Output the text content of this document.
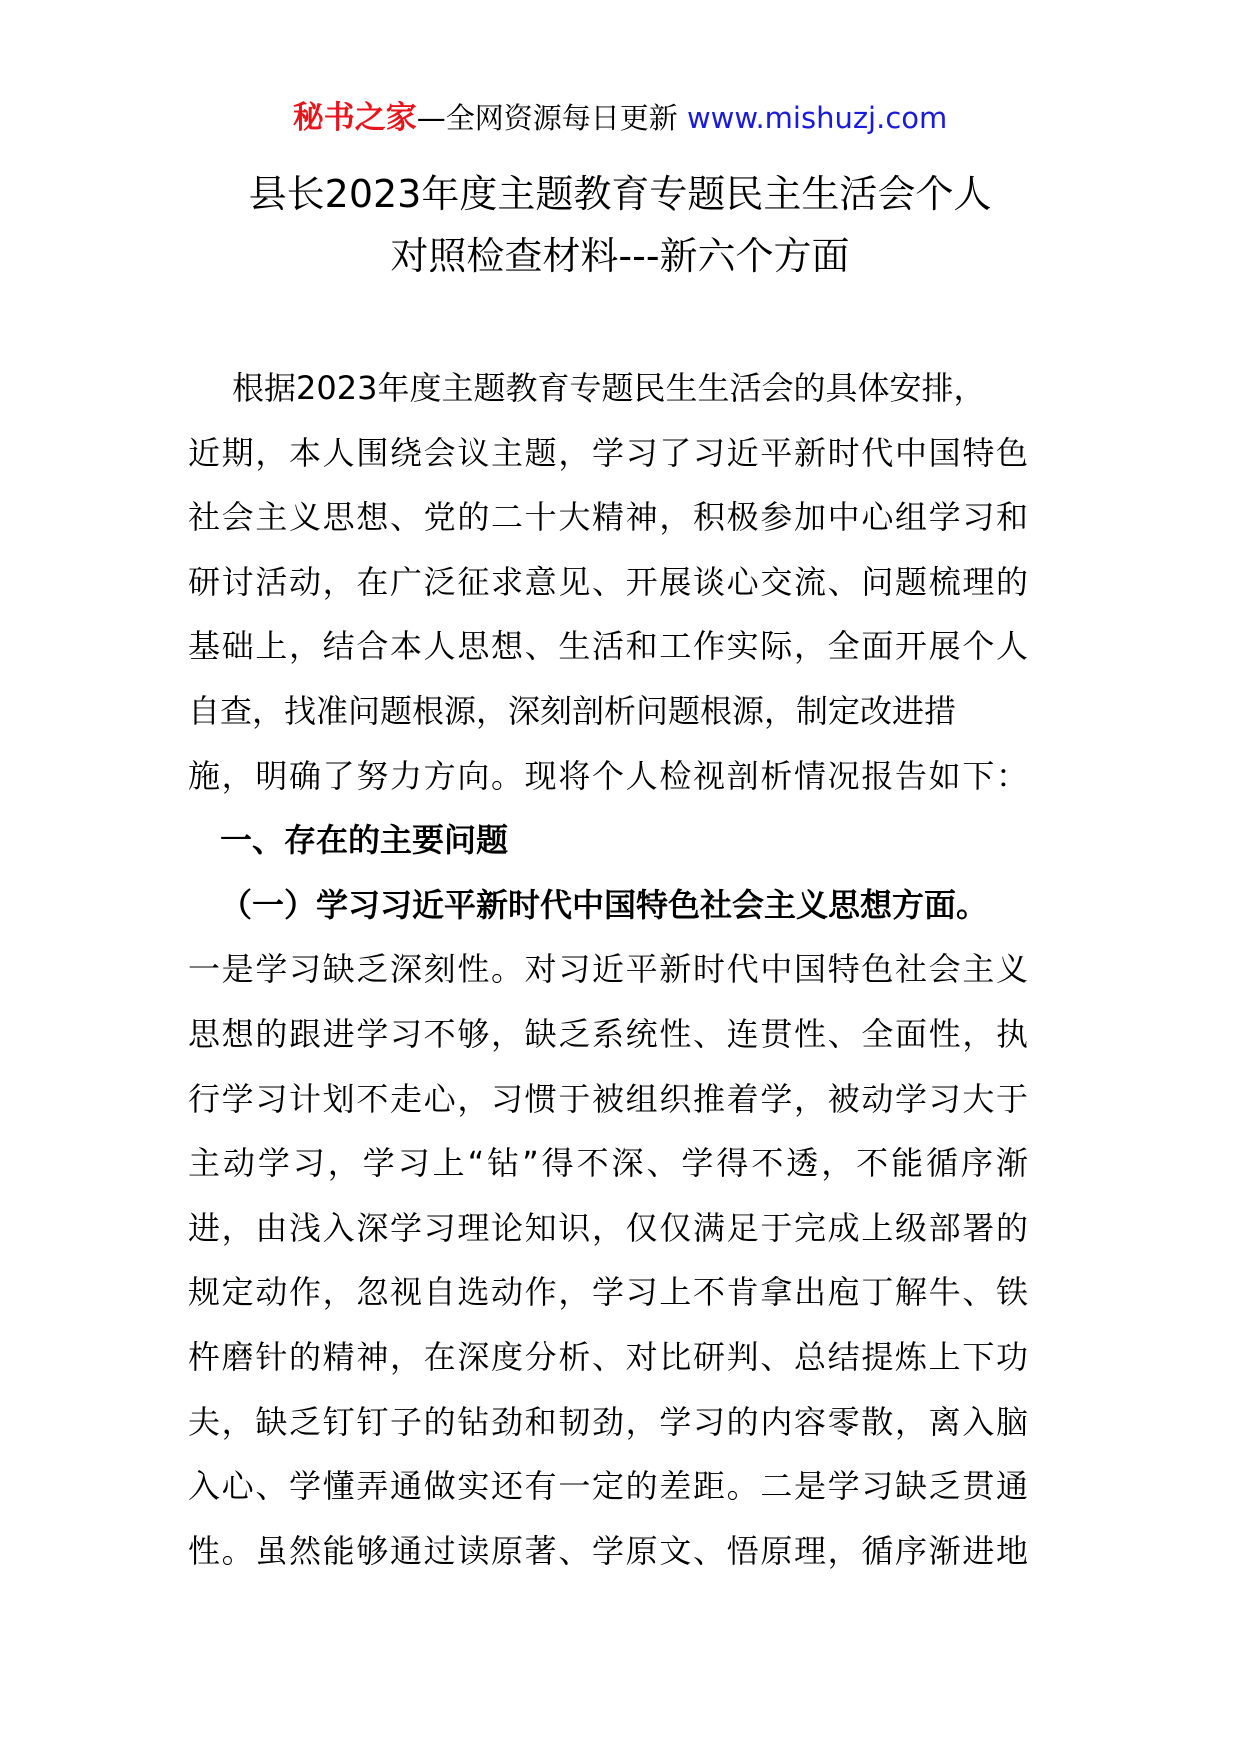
秘书之家—全网资源每日更新 www.mishuzj.com
县长2023年度主题教育专题民主生活会个人
对照检查材料---新六个方面
根据2023年度主题教育专题民生生活会的具体安排，
近期，本人围绕会议主题，学习了习近平新时代中国特色
社会主义思想、党的二十大精神，积极参加中心组学习和
研讨活动，在广泛征求意见、开展谈心交流、问题梳理的
基础上，结合本人思想、生活和工作实际，全面开展个人
自查，找准问题根源，深刻剖析问题根源，制定改进措
施，明确了努力方向。现将个人检视剖析情况报告如下：
一、存在的主要问题
（一）学习习近平新时代中国特色社会主义思想方面。
一是学习缺乏深刻性。对习近平新时代中国特色社会主义
思想的跟进学习不够，缺乏系统性、连贯性、全面性，执
行学习计划不走心，习惯于被组织推着学，被动学习大于
主动学习，学习上“钻”得不深、学得不透，不能循序渐
进，由浅入深学习理论知识，仅仅满足于完成上级部署的
规定动作，忽视自选动作，学习上不肯拿出庖丁解牛、铁
杵磨针的精神，在深度分析、对比研判、总结提炼上下功
夫，缺乏钉钉子的钻劲和韧劲，学习的内容零散，离入脑
入心、学懂弄通做实还有一定的差距。二是学习缺乏贯通
性。虽然能够通过读原著、学原文、悟原理，循序渐进地
